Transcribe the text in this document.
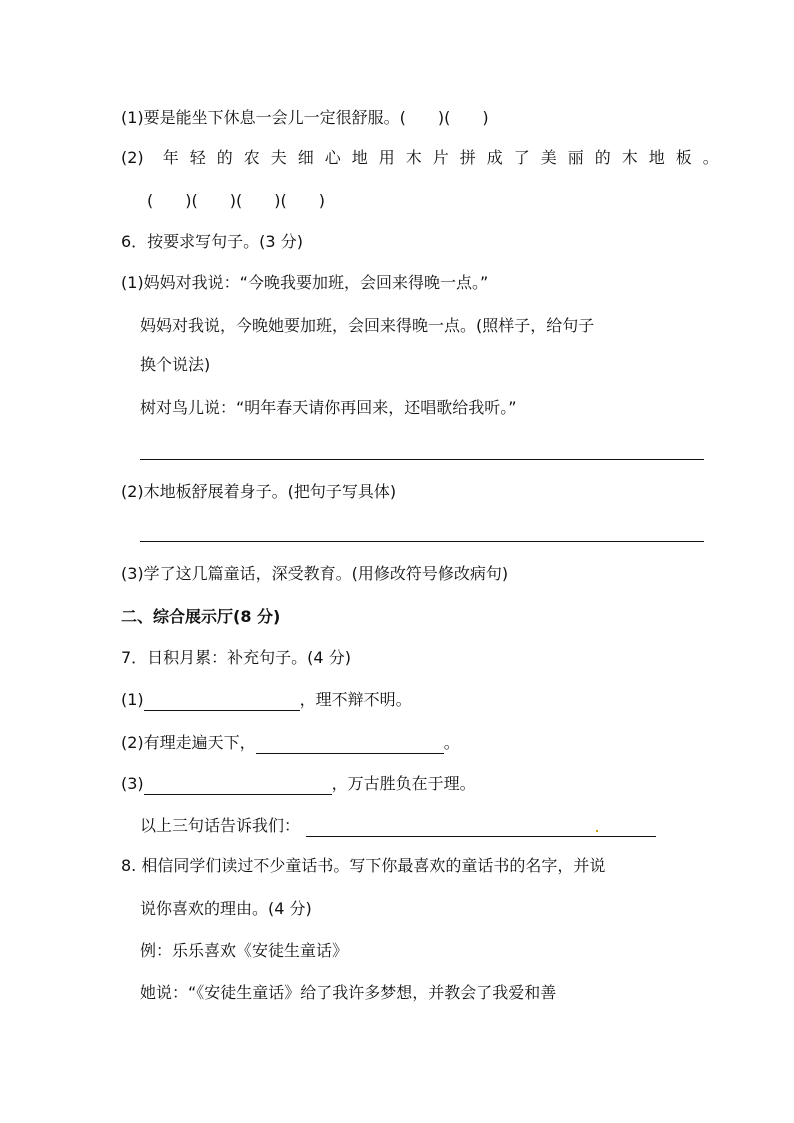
(1)要是能坐下休息一会儿一定很舒服。(　　)(　　)
(2) 年轻的农夫细心地用木片拼成了美丽的木地板。
(　　)(　　)(　　)(　　)
6．按要求写句子。(3 分)
(1)妈妈对我说：“今晚我要加班，会回来得晚一点。”
妈妈对我说，今晚她要加班，会回来得晚一点。(照样子，给句子
换个说法)
树对鸟儿说：“明年春天请你再回来，还唱歌给我听。”
(2)木地板舒展着身子。(把句子写具体)
(3)学了这几篇童话，深受教育。(用修改符号修改病句)
二、综合展示厅(8 分)
7．日积月累：补充句子。(4 分)
(1)	，理不辩不明。
(2)有理走遍天下，	。
(3)	，万古胜负在于理。
以上三句话告诉我们：
8. 相信同学们读过不少童话书。写下你最喜欢的童话书的名字，并说
说你喜欢的理由。(4 分)
例：乐乐喜欢《安徒生童话》
她说：“《安徒生童话》给了我许多梦想，并教会了我爱和善
